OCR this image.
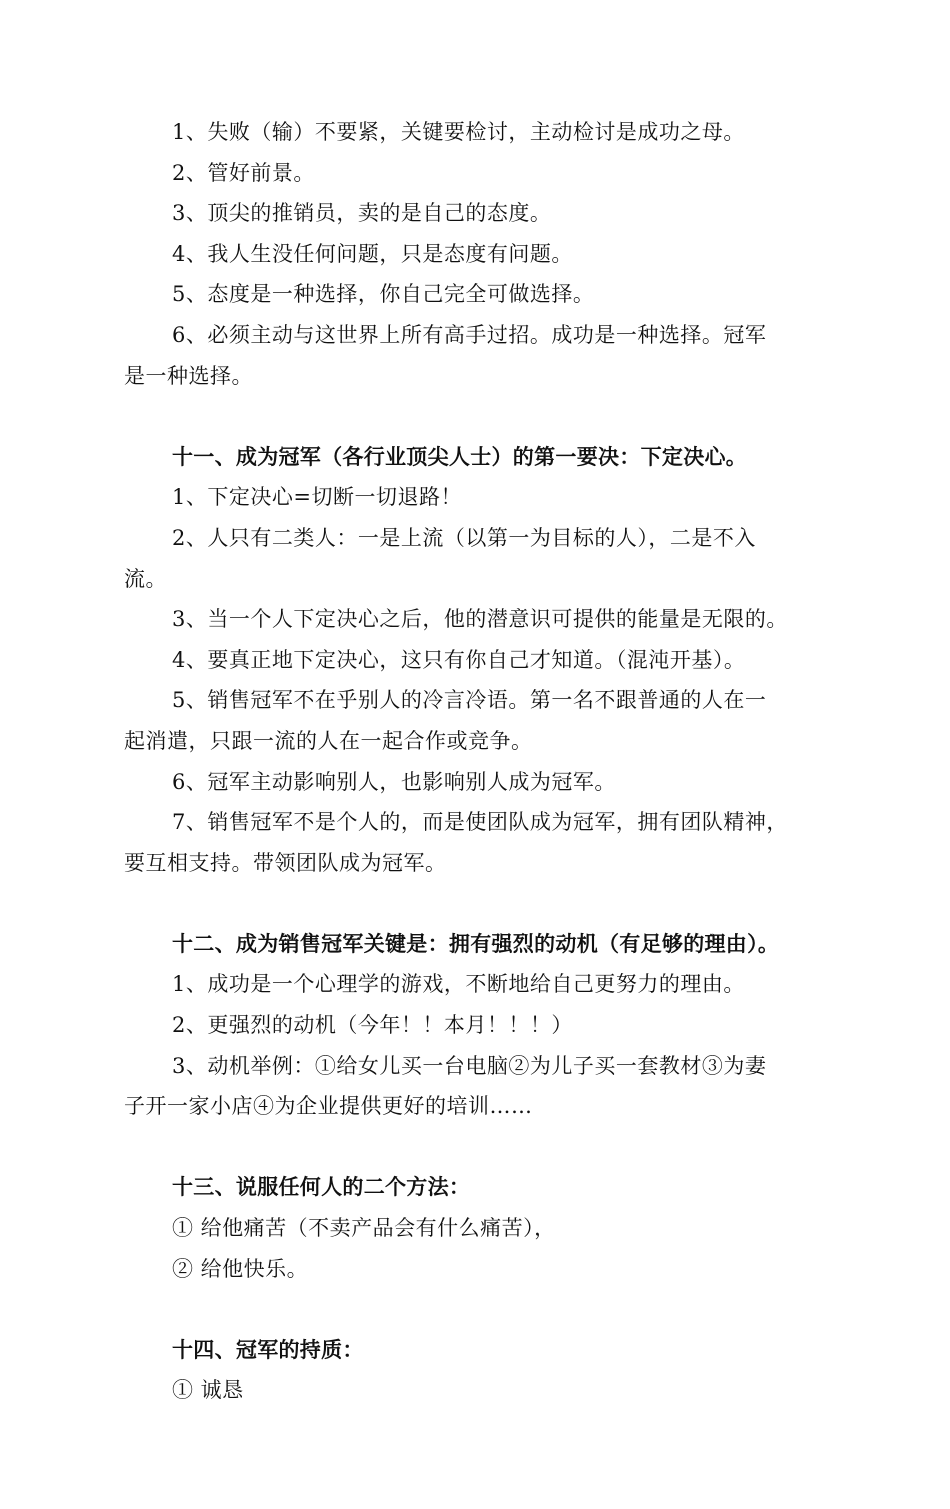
1、失败（输）不要紧，关键要检讨，主动检讨是成功之母。
2、管好前景。
3、顶尖的推销员，卖的是自己的态度。
4、我人生没任何问题，只是态度有问题。
5、态度是一种选择，你自己完全可做选择。
6、必须主动与这世界上所有高手过招。成功是一种选择。冠军
是一种选择。
十一、成为冠军（各行业顶尖人士）的第一要决：下定决心。
1、下定决心=切断一切退路！
2、人只有二类人：一是上流（以第一为目标的人），二是不入
流。
3、当一个人下定决心之后，他的潜意识可提供的能量是无限的。
4、要真正地下定决心，这只有你自己才知道。（混沌开基）。
5、销售冠军不在乎别人的冷言冷语。第一名不跟普通的人在一
起消遣，只跟一流的人在一起合作或竞争。
6、冠军主动影响别人，也影响别人成为冠军。
7、销售冠军不是个人的，而是使团队成为冠军，拥有团队精神，
要互相支持。带领团队成为冠军。
十二、成为销售冠军关键是：拥有强烈的动机（有足够的理由）。
1、成功是一个心理学的游戏，不断地给自己更努力的理由。
2、更强烈的动机（今年！！本月！！！）
3、动机举例：①给女儿买一台电脑②为儿子买一套教材③为妻
子开一家小店④为企业提供更好的培训……
十三、说服任何人的二个方法：
① 给他痛苦（不卖产品会有什么痛苦），
② 给他快乐。
十四、冠军的持质：
① 诚恳
